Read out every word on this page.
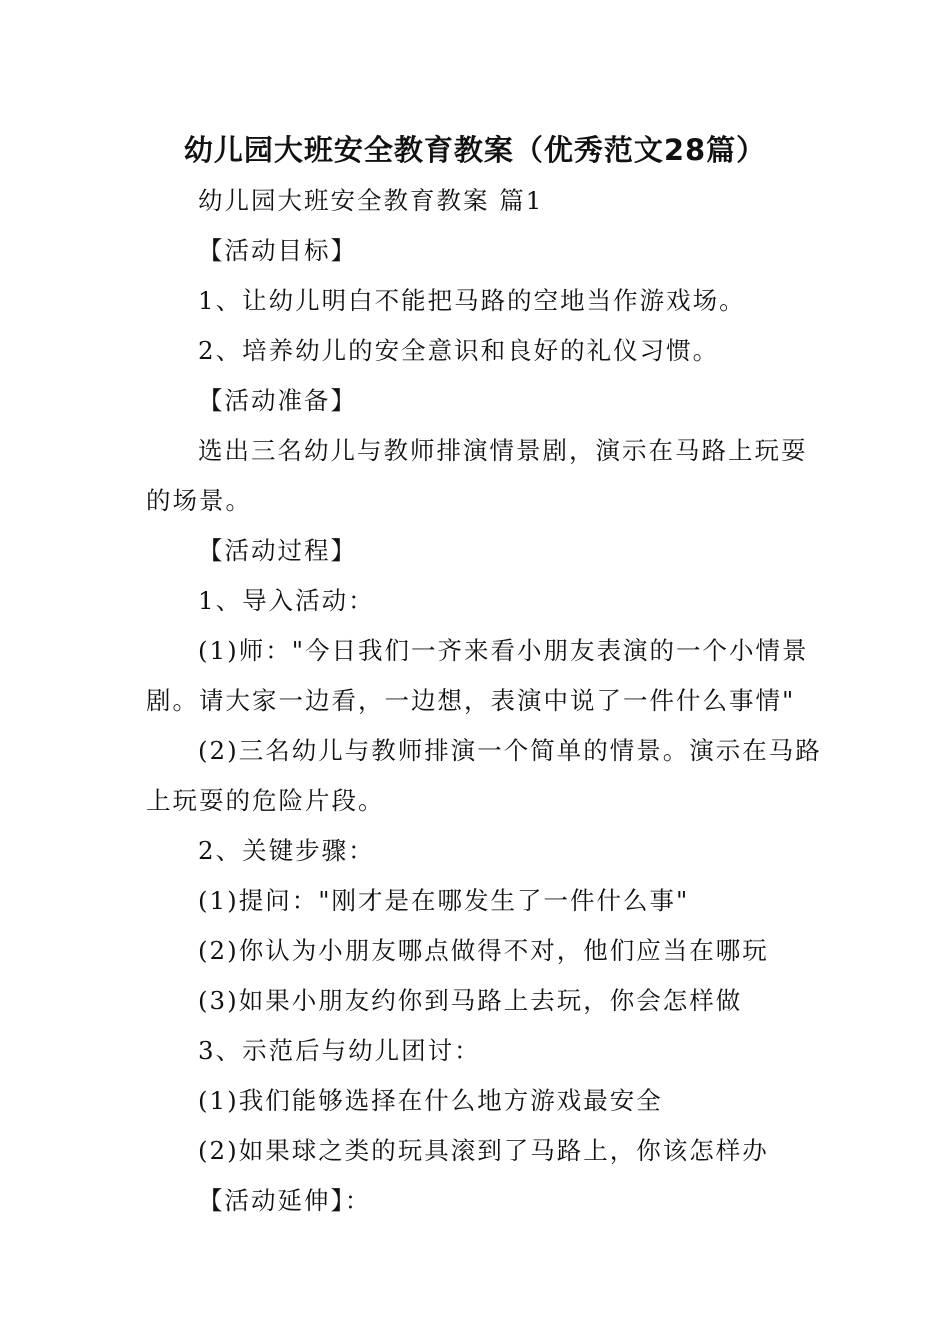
幼儿园大班安全教育教案（优秀范文28篇）
幼儿园大班安全教育教案 篇1
【活动目标】
1、让幼儿明白不能把马路的空地当作游戏场。
2、培养幼儿的安全意识和良好的礼仪习惯。
【活动准备】
选出三名幼儿与教师排演情景剧，演示在马路上玩耍
的场景。
【活动过程】
1、导入活动：
(1)师："今日我们一齐来看小朋友表演的一个小情景
剧。请大家一边看，一边想，表演中说了一件什么事情"
(2)三名幼儿与教师排演一个简单的情景。演示在马路
上玩耍的危险片段。
2、关键步骤：
(1)提问："刚才是在哪发生了一件什么事"
(2)你认为小朋友哪点做得不对，他们应当在哪玩
(3)如果小朋友约你到马路上去玩，你会怎样做
3、示范后与幼儿团讨：
(1)我们能够选择在什么地方游戏最安全
(2)如果球之类的玩具滚到了马路上，你该怎样办
【活动延伸】：
